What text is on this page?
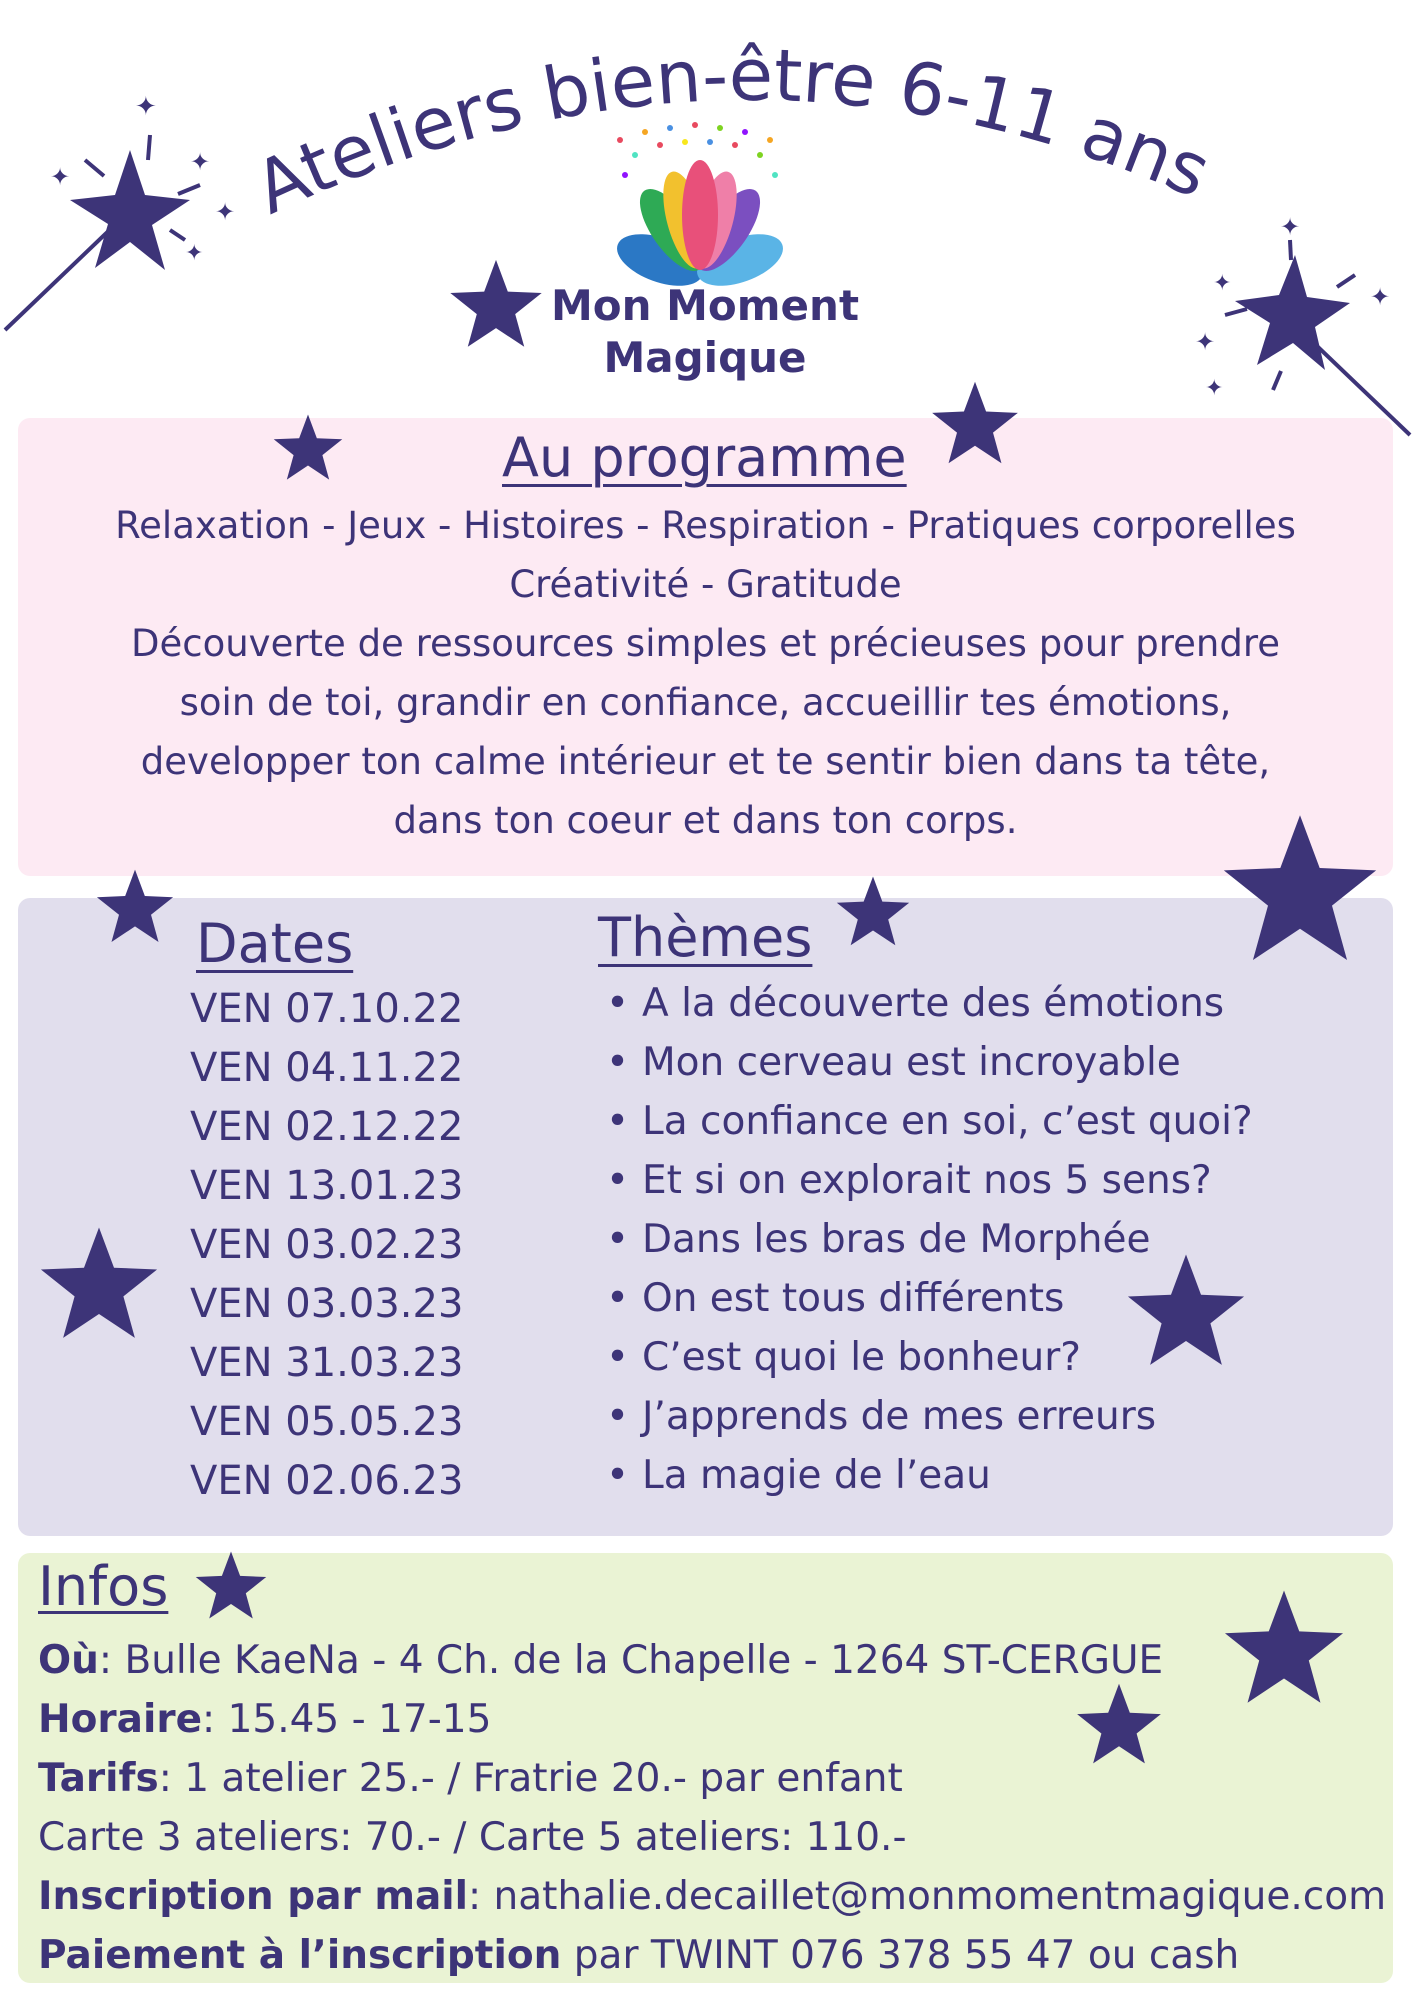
Ateliers bien-être 6-11 ans
✦
✦
✦
✦
✦
✦
✦
✦
✦
✦
Mon Moment
Magique
Au programme
Relaxation - Jeux - Histoires - Respiration - Pratiques corporelles
Créativité - Gratitude
Découverte de ressources simples et précieuses pour prendre
soin de toi, grandir en confiance, accueillir tes émotions,
developper ton calme intérieur et te sentir bien dans ta tête,
dans ton coeur et dans ton corps.
Dates	Thèmes
VEN 07.10.22
VEN 04.11.22
VEN 02.12.22
VEN 13.01.23
VEN 03.02.23
VEN 03.03.23
VEN 31.03.23
VEN 05.05.23
VEN 02.06.23
• A la découverte des émotions
• Mon cerveau est incroyable
• La confiance en soi, c’est quoi?
• Et si on explorait nos 5 sens?
• Dans les bras de Morphée
• On est tous différents
• C’est quoi le bonheur?
• J’apprends de mes erreurs
• La magie de l’eau
Infos
Où: Bulle KaeNa - 4 Ch. de la Chapelle - 1264 ST-CERGUE
Horaire: 15.45 - 17-15
Tarifs: 1 atelier 25.- / Fratrie 20.- par enfant
Carte 3 ateliers: 70.- / Carte 5 ateliers: 110.-
Inscription par mail: nathalie.decaillet@monmomentmagique.com
Paiement à l’inscription par TWINT 076 378 55 47 ou cash
